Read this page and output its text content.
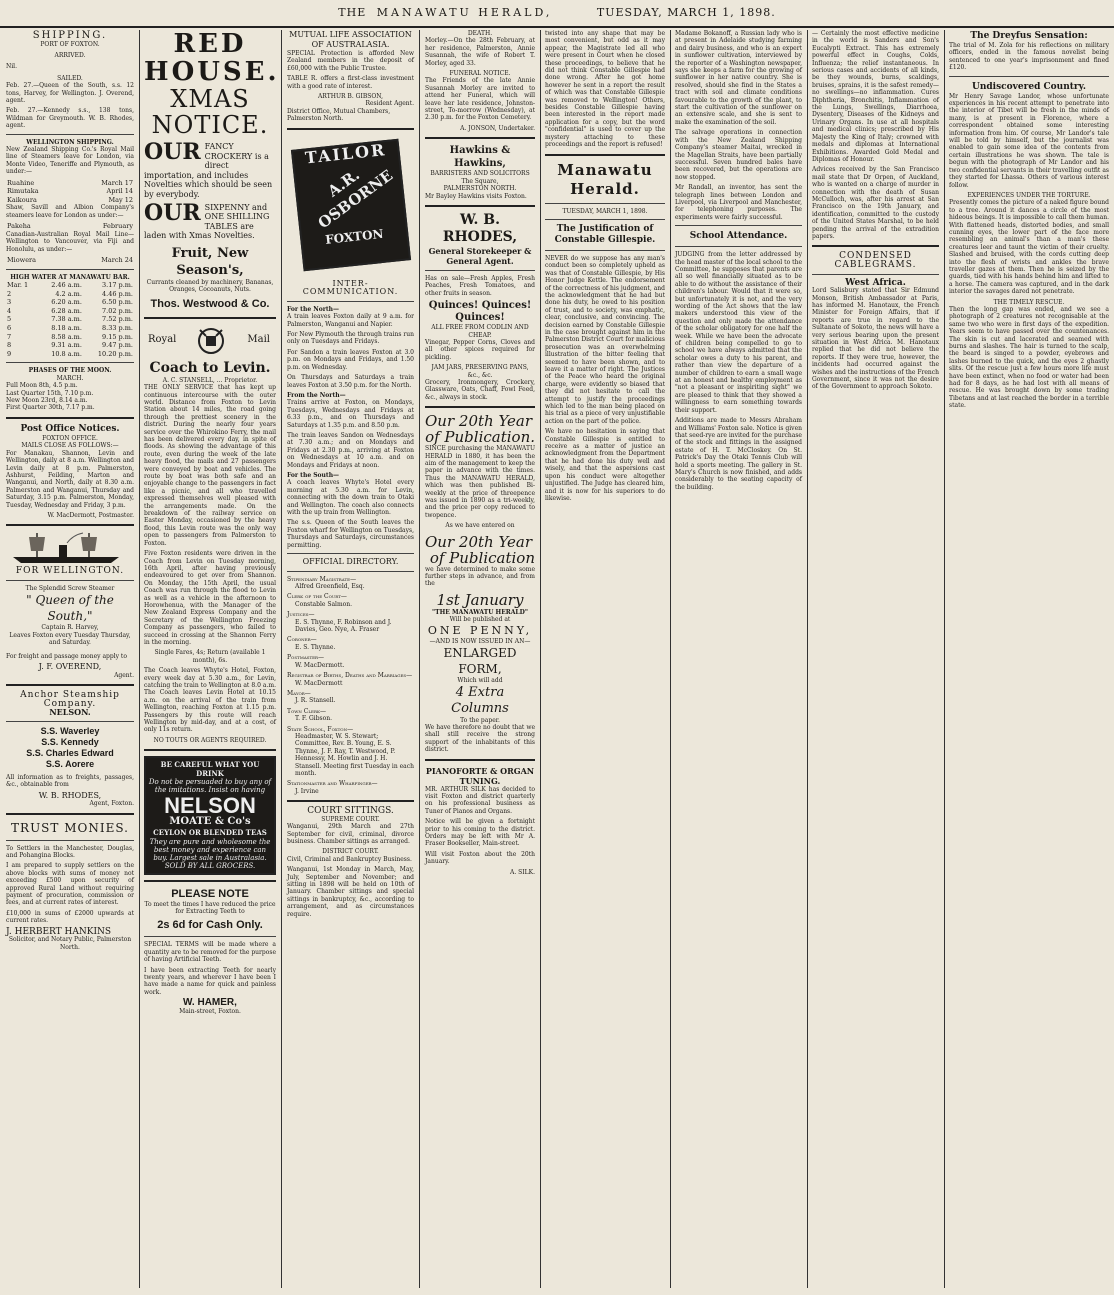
THE MANAWATU HERALD,	TUESDAY, MARCH 1, 1898.
SHIPPING.
PORT OF FOXTON.
ARRIVED.
Nil.
SAILED.

Feb. 27.—Queen of the South, s.s. 12 tons, Harvey, for Wellington. J. Overend, agent.

Feb. 27.—Kennedy s.s., 138 tons, Wildman for Greymouth. W. B. Rhodes, agent.

WELLINGTON SHIPPING.

New Zealand Shipping Co.'s Royal Mail line of Steamers leave for London, via Monte Video, Teneriffe and Plymouth, as under:—

Ruahine	March 17
Rimutaka	April 14
Kaikoura	May 12

Shaw, Savill and Albion Company's steamers leave for London as under:—

Pakeha	February

Canadian-Australian Royal Mail Line—Wellington to Vancouver, via Fiji and Honolulu, as under:—

Miowera	March 24
HIGH WATER AT MANAWATU BAR.
Mar. 1	2.46 a.m.	3.17 p.m.
2	4.2 a.m.	4.46 p.m.
3	6.20 a.m.	6.50 p.m.
4	6.28 a.m.	7.02 p.m.
5	7.38 a.m.	7.52 p.m.
6	8.18 a.m.	8.33 p.m.
7	8.58 a.m.	9.15 p.m.
8	9.31 a.m.	9.47 p.m.
9	10.8 a.m.	10.20 p.m.
PHASES OF THE MOON.
MARCH.
Full Moon 8th, 4.5 p.m.
Last Quarter 15th, 7.10 p.m.
New Moon 23rd, 8.14 a.m.
First Quarter 30th, 7.17 p.m.
Post Office Notices.
FOXTON OFFICE.
MAILS CLOSE AS FOLLOWS:—

For Manakau, Shannon, Levin and Wellington, daily at 8 a.m. Wellington and Levin daily at 8 p.m. Palmerston, Ashhurst, Feilding, Marton and Wanganui, and North, daily at 8.30 a.m. Palmerston and Wanganui, Thursday and Saturday, 3.15 p.m. Palmerston, Monday, Tuesday, Wednesday and Friday, 3 p.m.

W. MacDermott, Postmaster.
FOR WELLINGTON.
The Splendid Screw Steamer
" Queen of the South,"
Captain R. Harvey,

Leaves Foxton every Tuesday Thursday, and Saturday.

For freight and passage money apply to

J. F. OVEREND,
Agent.
Anchor Steamship Company.
NELSON.
S.S. Waverley
S.S. Kennedy
S.S. Charles Edward
S.S. Aorere

All information as to freights, passages, &c., obtainable from

W. B. RHODES,
Agent, Foxton.
TRUST MONIES.

To Settlers in the Manchester, Douglas, and Pohangina Blocks.

I am prepared to supply settlers on the above blocks with sums of money not exceeding £500 upon security of approved Rural Land without requiring payment of procuration, commission or fees, and at current rates of interest.

£10,000 in sums of £2000 upwards at current rates.

J. HERBERT HANKINS
Solicitor, and Notary Public, Palmerston North.
RED HOUSE.
XMAS NOTICE.
OUR FANCY CROCKERY is a direct importation, and includes Novelties which should be seen by everybody.
OUR SIXPENNY and ONE SHILLING TABLES are laden with Xmas Novelties.
Fruit, New Season's,
Currants cleaned by machinery, Bananas, Oranges, Cocoanuts, Nuts.
Thos. Westwood & Co.
Royal	Mail
Coach to Levin.
A. C. STANSELL, ... Proprietor.

THE ONLY SERVICE that has kept up continuous intercourse with the outer world. Distance from Foxton to Levin Station about 14 miles, the road going through the prettiest scenery in the district. During the nearly four years service over the Whirokino Ferry, the mail has been delivered every day, in spite of floods. As showing the advantage of this route, even during the week of the late heavy flood, the mails and 27 passengers were conveyed by boat and vehicles. The route by boat was both safe and an enjoyable change to the passengers in fact like a picnic, and all who travelled expressed themselves well pleased with the arrangements made. On the breakdown of the railway service on Easter Monday, occasioned by the heavy flood, this Levin route was the only way open to passengers from Palmerston to Foxton.

Five Foxton residents were driven in the Coach from Levin on Tuesday morning, 16th April, after having previously endeavoured to get over from Shannon. On Monday, the 15th April, the usual Coach was run through the flood to Levin as well as a vehicle in the afternoon to Horowhenua, with the Manager of the New Zealand Express Company and the Secretary of the Wellington Freezing Company as passengers, who failed to succeed in crossing at the Shannon Ferry in the morning.

Single Fares, 4s; Return (available 1 month), 6s.

The Coach leaves Whyte's Hotel, Foxton, every week day at 5.30 a.m., for Levin, catching the train to Wellington at 8.0 a.m. The Coach leaves Levin Hotel at 10.15 a.m. on the arrival of the train from Wellington, reaching Foxton at 1.15 p.m. Passengers by this route will reach Wellington by mid-day, and at a cost, of only 11s return.

NO TOUTS OR AGENTS REQUIRED.
BE CAREFUL WHAT YOU DRINK
Do not be persuaded to buy any of the imitations. Insist on having
NELSON
MOATE & Co's
CEYLON OR BLENDED TEAS
They are pure and wholesome the best money and experience can buy. Largest sale in Australasia. SOLD BY ALL GROCERS.
PLEASE NOTE

To meet the times I have reduced the price for Extracting Teeth to

2s 6d for Cash Only.

SPECIAL TERMS will be made where a quantity are to be removed for the purpose of having Artificial Teeth.

I have been extracting Teeth for nearly twenty years, and wherever I have been I have made a name for quick and painless work.

W. HAMER,
Main-street, Foxton.
MUTUAL LIFE ASSOCIATION OF AUSTRALASIA.

SPECIAL Protection is afforded New Zealand members in the deposit of £60,000 with the Public Trustee.

TABLE R. offers a first-class investment with a good rate of interest.

ARTHUR B. GIBSON,
Resident Agent.
District Office, Mutual Chambers, Palmerston North.
TAILOR
A.R. OSBORNE
FOXTON
INTER-COMMUNICATION.
For the North—

A train leaves Foxton daily at 9 a.m. for Palmerston, Wanganui and Napier.

For New Plymouth the through trains run only on Tuesdays and Fridays.

For Sandon a train leaves Foxton at 3.0 p.m. on Mondays and Fridays, and 1.50 p.m. on Wednesday.

On Thursdays and Saturdays a train leaves Foxton at 3.50 p.m. for the North.

From the North—

Trains arrive at Foxton, on Mondays, Tuesdays, Wednesdays and Fridays at 6.33 p.m., and on Thursdays and Saturdays at 1.35 p.m. and 8.50 p.m.

The train leaves Sandon on Wednesdays at 7.30 a.m.; and on Mondays and Fridays at 2.30 p.m., arriving at Foxton on Wednesdays at 10 a.m. and on Mondays and Fridays at noon.

For the South—

A coach leaves Whyte's Hotel every morning at 5.30 a.m. for Levin, connecting with the down train to Otaki and Wellington. The coach also connects with the up train from Wellington.

The s.s. Queen of the South leaves the Foxton wharf for Wellington on Tuesdays, Thursdays and Saturdays, circumstances permitting.

OFFICIAL DIRECTORY.
Stipendiary Magistrate—
Alfred Greenfield, Esq.
Clerk of the Court—
Constable Salmon.
Justices—
E. S. Thynne, F. Robinson and J. Davies, Geo. Nye, A. Fraser
Coroner—
E. S. Thynne.
Postmaster—
W. MacDermott.
Registrar of Births, Deaths and Marriages—
W. MacDermott
Mayor—
J. R. Stansell.
Town Clerk—
T. F. Gibson.
State School, Foxton—
Headmaster, W. S. Stewart; Committee, Rev. B. Young, E. S. Thynne, J. F. Ray, T. Westwood, P. Hennessy, M. Howlin and J. H. Stansell. Meeting first Tuesday in each month.
Stationmaster and Wharfinger—
J. Irvine
COURT SITTINGS.
SUPREME COURT.

Wanganui, 29th March and 27th September for civil, criminal, divorce business. Chamber sittings as arranged.

DISTRICT COURT.

Civil, Criminal and Bankruptcy Business.

Wanganui, 1st Monday in March, May, July, September and November; and sitting in 1898 will be held on 10th of January. Chamber sittings and special sittings in bankruptcy, &c., according to arrangement, and as circumstances require.

DEATH.

Morley.—On the 28th February, at her residence, Palmerston, Annie Susannah, the wife of Robert T. Morley, aged 33.

FUNERAL NOTICE.

The Friends of the late Annie Susannah Morley are invited to attend her Funeral, which will leave her late residence, Johnston-street, To-morrow (Wednesday), at 2.30 p.m. for the Foxton Cemetery.

A. JONSON, Undertaker.
Hawkins & Hawkins,
BARRISTERS AND SOLICITORS
The Square,
PALMERSTON NORTH.
Mr Bayley Hawkins visits Foxton.
W. B. RHODES,
General Storekeeper & General Agent.

Has on sale—Fresh Apples, Fresh Peaches, Fresh Tomatoes, and other fruits in season.

Quinces! Quinces! Quinces!
ALL FREE FROM CODLIN AND CHEAP.

Vinegar, Pepper Corns, Cloves and all other spices required for pickling.

JAM JARS, PRESERVING PANS, &c., &c.

Grocery, Ironmongery, Crockery, Glassware, Oats, Chaff, Fowl Feed, &c., always in stock.

Our 20th Year
of Publication.

SINCE purchasing the MANAWATU HERALD in 1880, it has been the aim of the management to keep the paper in advance with the times. Thus the MANAWATU HERALD, which was then published Bi-weekly at the price of threepence was issued in 1890 as a tri-weekly, and the price per copy reduced to twopence.

As we have entered on
Our 20th Year
of Publication

we have determined to make some further steps in advance, and from the

1st January
"THE MANAWATU HERALD"
Will be published at
ONE PENNY,
—AND IS NOW ISSUED IN AN—
ENLARGED FORM,
Which will add
4 Extra Columns
To the paper.

We have therefore no doubt that we shall still receive the strong support of the inhabitants of this district.

PIANOFORTE & ORGAN TUNING.

MR. ARTHUR SILK has decided to visit Foxton and district quarterly on his professional business as Tuner of Pianos and Organs.

Notice will be given a fortnight prior to his coming to the district. Orders may be left with Mr A. Fraser Bookseller, Main-street.

Will visit Foxton about the 20th January.

A. SILK.

twisted into any shape that may be most convenient, but odd as it may appear, the Magistrate led all who were present in Court when he closed these proceedings, to believe that he did not think Constable Gillespie had done wrong. After he got home however he sent in a report the result of which was that Constable Gillespie was removed to Wellington! Others, besides Constable Gillespie having been interested in the report made application for a copy, but the word "confidential" is used to cover up the mystery attaching to these proceedings and the report is refused!

Manawatu Herald.
TUESDAY, MARCH 1, 1898.
The Justification of Constable Gillespie.

NEVER do we suppose has any man's conduct been so completely upheld as was that of Constable Gillespie, by His Honor Judge Kettle. The endorsement of the correctness of his judgment, and the acknowledgment that he had but done his duty, he owed to his position of trust, and to society, was emphatic, clear, conclusive, and convincing. The decision earned by Constable Gillespie in the case brought against him in the Palmerston District Court for malicious prosecution was an overwhelming illustration of the bitter feeling that seemed to have been shown, and to leave it a matter of right. The Justices of the Peace who heard the original charge, were evidently so biased that they did not hesitate to call the attempt to justify the proceedings which led to the man being placed on his trial as a piece of very unjustifiable action on the part of the police.

We have no hesitation in saying that Constable Gillespie is entitled to receive as a matter of justice an acknowledgment from the Department that he had done his duty well and wisely, and that the aspersions cast upon his conduct were altogether unjustified. The Judge has cleared him, and it is now for his superiors to do likewise.

Madame Bokanoff, a Russian lady who is at present in Adelaide studying farming and dairy business, and who is an expert in sunflower cultivation, interviewed by the reporter of a Washington newspaper, says she keeps a farm for the growing of sunflower in her native country. She is resolved, should she find in the States a tract with soil and climate conditions favourable to the growth of the plant, to start the cultivation of the sunflower on an extensive scale, and she is sent to make the examination of the soil.

The salvage operations in connection with the New Zealand Shipping Company's steamer Maitai, wrecked in the Magellan Straits, have been partially successful. Seven hundred bales have been recovered, but the operations are now stopped.

Mr Randall, an inventor, has sent the telegraph lines between London and Liverpool, via Liverpool and Manchester, for telephoning purposes. The experiments were fairly successful.

School Attendance.

JUDGING from the letter addressed by the head master of the local school to the Committee, he supposes that parents are all so well financially situated as to be able to do without the assistance of their children's labour. Would that it were so, but unfortunately it is not, and the very wording of the Act shows that the law makers understood this view of the question and only made the attendance of the scholar obligatory for one half the week. While we have been the advocate of children being compelled to go to school we have always admitted that the scholar owes a duty to his parent, and rather than view the departure of a number of children to earn a small wage at an honest and healthy employment as "not a pleasant or inspiriting sight" we are pleased to think that they showed a willingness to earn something towards their support.

Additions are made to Messrs Abraham and Williams' Foxton sale. Notice is given that seed-rye are invited for the purchase of the stock and fittings in the assigned estate of H. T. McCloskey. On St. Patrick's Day the Otaki Tennis Club will hold a sports meeting. The gallery in St. Mary's Church is now finished, and adds considerably to the seating capacity of the building.

— Certainly the most effective medicine in the world is Sanders and Son's Eucalypti Extract. This has extremely powerful effect in Coughs, Colds, Influenza; the relief instantaneous. In serious cases and accidents of all kinds, be they wounds, burns, scaldings, bruises, sprains, it is the safest remedy—no swellings—no inflammation. Cures Diphtheria, Bronchitis, Inflammation of the Lungs, Swellings, Diarrhoea, Dysentery, Diseases of the Kidneys and Urinary Organs. In use at all hospitals and medical clinics; prescribed by His Majesty the King of Italy; crowned with medals and diplomas at International Exhibitions. Awarded Gold Medal and Diplomas of Honour.

Advices received by the San Francisco mail state that Dr Orpen, of Auckland, who is wanted on a charge of murder in connection with the death of Susan McCulloch, was, after his arrest at San Francisco on the 19th January, and identification, committed to the custody of the United States Marshal, to be held pending the arrival of the extradition papers.

CONDENSED CABLEGRAMS.
West Africa.

Lord Salisbury stated that Sir Edmund Monson, British Ambassador at Paris, has informed M. Hanotaux, the French Minister for Foreign Affairs, that if reports are true in regard to the Sultanate of Sokoto, the news will have a very serious bearing upon the present situation in West Africa. M. Hanotaux replied that he did not believe the reports. If they were true, however, the incidents had occurred against the wishes and the instructions of the French Government, since it was not the desire of the Government to approach Sokoto.

The Dreyfus Sensation:

The trial of M. Zola for his reflections on military officers, ended in the famous novelist being sentenced to one year's imprisonment and fined £120.

Undiscovered Country.

Mr Henry Savage Landor, whose unfortunate experiences in his recent attempt to penetrate into the interior of Tibet will be fresh in the minds of many, is at present in Florence, where a correspondent obtained some interesting information from him. Of course, Mr Landor's tale will be told by himself, but the journalist was enabled to gain some idea of the contents from certain illustrations he was shown. The tale is begun with the photograph of Mr Landor and his two confidential servants in their travelling outfit as they started for Lhassa. Others of various interest follow.

EXPERIENCES UNDER THE TORTURE.

Presently comes the picture of a naked figure bound to a tree. Around it dances a circle of the most hideous beings. It is impossible to call them human. With flattened heads, distorted bodies, and small cunning eyes, the lower part of the face more resembling an animal's than a man's these creatures leer and taunt the victim of their cruelty. Slashed and bruised, with the cords cutting deep into the flesh of wrists and ankles the brave traveller gazes at them. Then he is seized by the guards, tied with his hands behind him and lifted to a horse. The camera was captured, and in the dark interior the savages dared not penetrate.

THE TIMELY RESCUE.

Then the long gap was ended, and we see a photograph of 2 creatures not recognisable at the same two who were in first days of the expedition. Years seem to have passed over the countenances. The skin is cut and lacerated and seamed with burns and slashes. The hair is turned to the scalp, the beard is singed to a powder, eyebrows and lashes burned to the quick, and the eyes 2 ghastly slits. Of the rescue just a few hours more life must have been extinct, when no food or water had been had for 8 days, as he had lost with all means of rescue. He was brought down by some trading Tibetans and at last reached the border in a terrible state.
